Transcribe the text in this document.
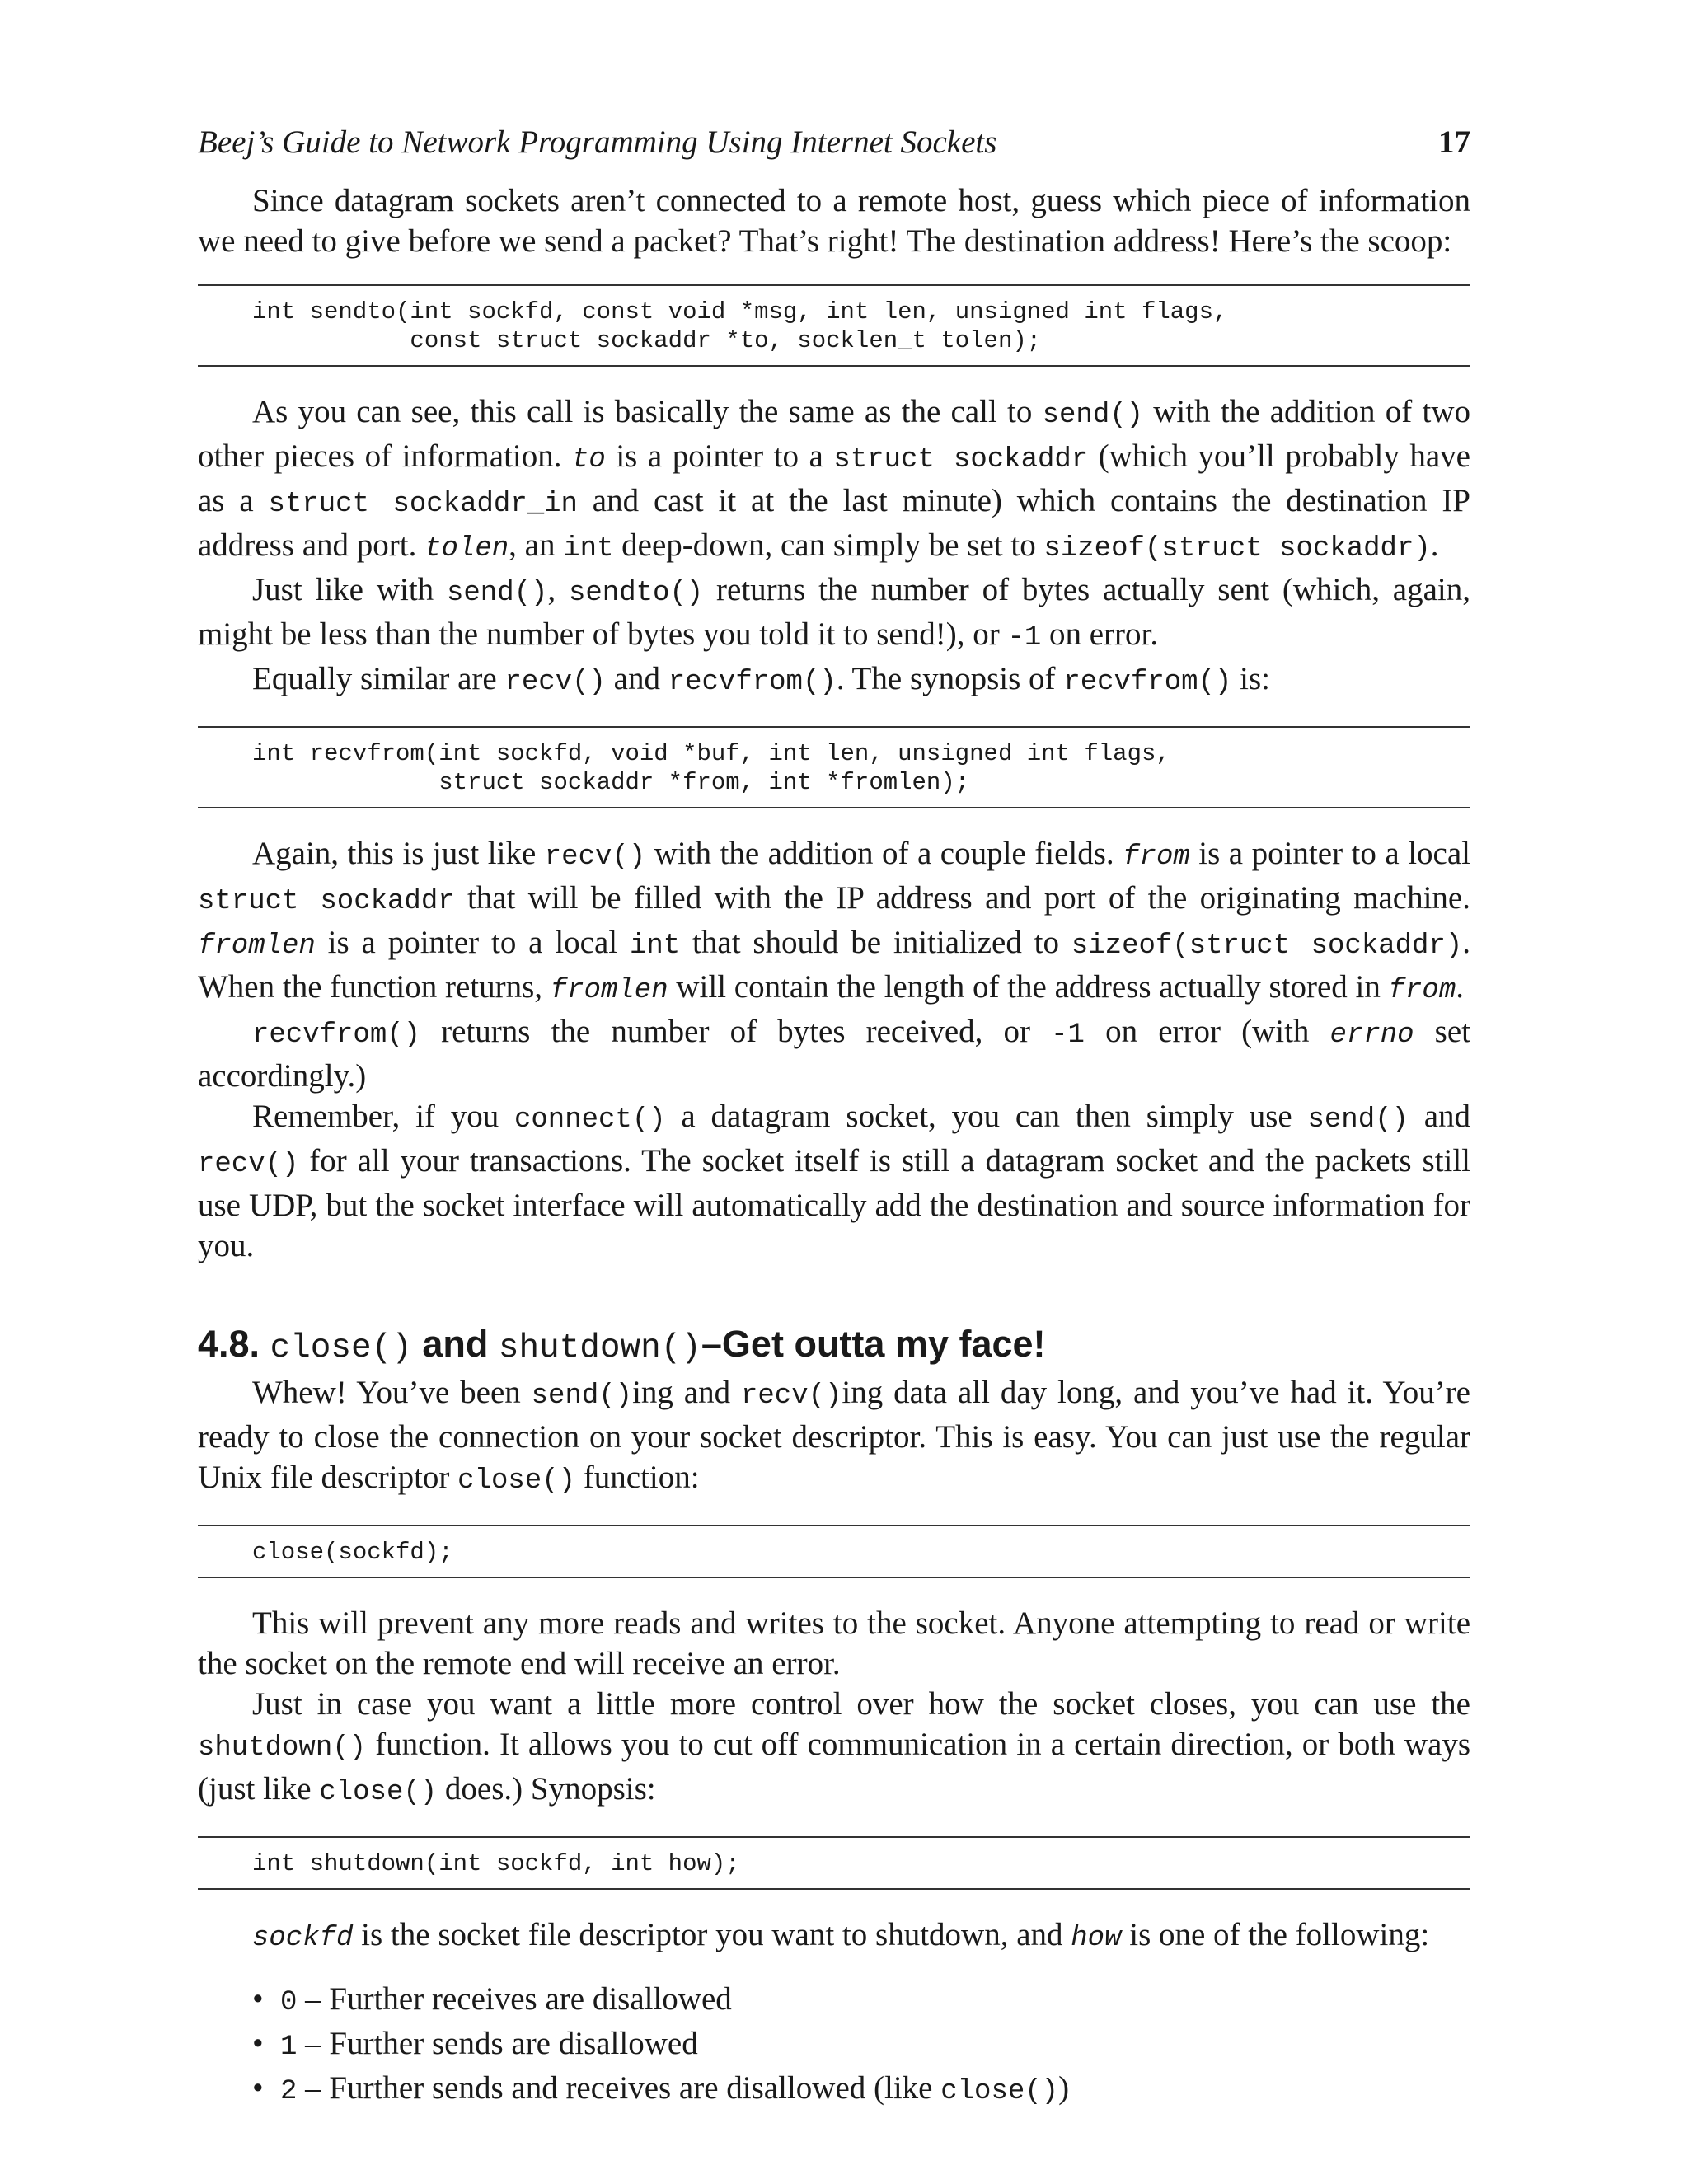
Beej’s Guide to Network Programming Using Internet Sockets	17

Since datagram sockets aren’t connected to a remote host, guess which piece of information we need to give before we send a packet? That’s right! The destination address! Here’s the scoop:

int sendto(int sockfd, const void *msg, int len, unsigned int flags,
const struct sockaddr *to, socklen_t tolen);

As you can see, this call is basically the same as the call to send() with the addition of two other pieces of information. to is a pointer to a struct sockaddr (which you’ll probably have as a struct sockaddr_in and cast it at the last minute) which contains the destination IP address and port. tolen, an int deep-down, can simply be set to sizeof(struct sockaddr).

Just like with send(), sendto() returns the number of bytes actually sent (which, again, might be less than the number of bytes you told it to send!), or -1 on error.

Equally similar are recv() and recvfrom(). The synopsis of recvfrom() is:

int recvfrom(int sockfd, void *buf, int len, unsigned int flags,
struct sockaddr *from, int *fromlen);

Again, this is just like recv() with the addition of a couple fields. from is a pointer to a local struct sockaddr that will be filled with the IP address and port of the originating machine. fromlen is a pointer to a local int that should be initialized to sizeof(struct sockaddr). When the function returns, fromlen will contain the length of the address actually stored in from.

recvfrom() returns the number of bytes received, or -1 on error (with errno set accordingly.)

Remember, if you connect() a datagram socket, you can then simply use send() and recv() for all your transactions. The socket itself is still a datagram socket and the packets still use UDP, but the socket interface will automatically add the destination and source information for you.

4.8. close() and shutdown()–Get outta my face!

Whew! You’ve been send()ing and recv()ing data all day long, and you’ve had it. You’re ready to close the connection on your socket descriptor. This is easy. You can just use the regular Unix file descriptor close() function:

close(sockfd);

This will prevent any more reads and writes to the socket. Anyone attempting to read or write the socket on the remote end will receive an error.

Just in case you want a little more control over how the socket closes, you can use the shutdown() function. It allows you to cut off communication in a certain direction, or both ways (just like close() does.) Synopsis:

int shutdown(int sockfd, int how);

sockfd is the socket file descriptor you want to shutdown, and how is one of the following:

• 0 – Further receives are disallowed
• 1 – Further sends are disallowed
• 2 – Further sends and receives are disallowed (like close())
